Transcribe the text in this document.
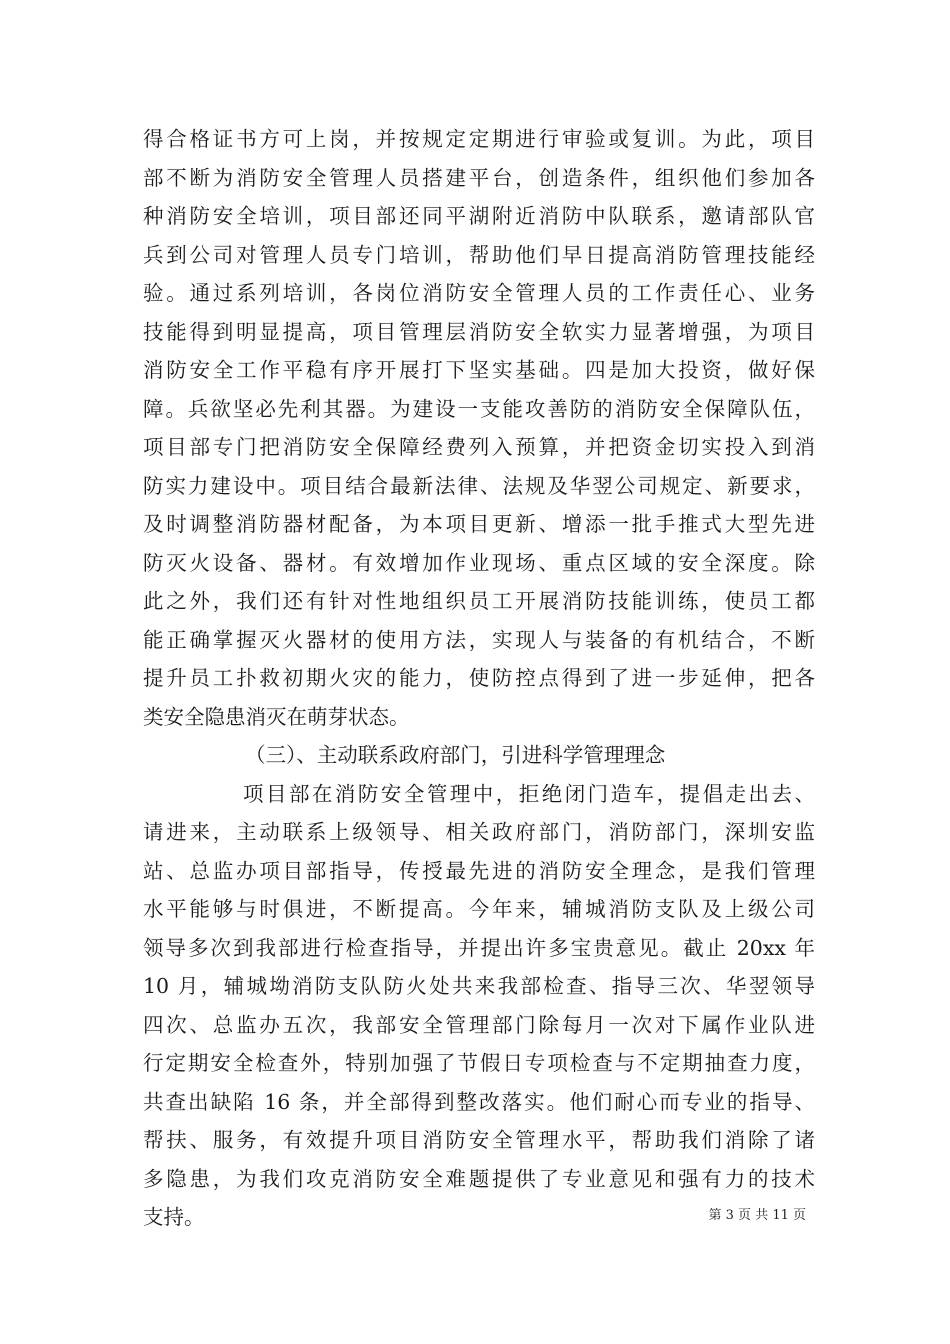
得合格证书方可上岗，并按规定定期进行审验或复训。为此，项目
部不断为消防安全管理人员搭建平台，创造条件，组织他们参加各
种消防安全培训，项目部还同平湖附近消防中队联系，邀请部队官
兵到公司对管理人员专门培训，帮助他们早日提高消防管理技能经
验。通过系列培训，各岗位消防安全管理人员的工作责任心、业务
技能得到明显提高，项目管理层消防安全软实力显著增强，为项目
消防安全工作平稳有序开展打下坚实基础。四是加大投资，做好保
障。兵欲坚必先利其器。为建设一支能攻善防的消防安全保障队伍，
项目部专门把消防安全保障经费列入预算，并把资金切实投入到消
防实力建设中。项目结合最新法律、法规及华翌公司规定、新要求，
及时调整消防器材配备，为本项目更新、增添一批手推式大型先进
防灭火设备、器材。有效增加作业现场、重点区域的安全深度。除
此之外，我们还有针对性地组织员工开展消防技能训练，使员工都
能正确掌握灭火器材的使用方法，实现人与装备的有机结合，不断
提升员工扑救初期火灾的能力，使防控点得到了进一步延伸，把各
类安全隐患消灭在萌芽状态。
（三）、主动联系政府部门，引进科学管理理念
项目部在消防安全管理中，拒绝闭门造车，提倡走出去、
请进来，主动联系上级领导、相关政府部门，消防部门，深圳安监
站、总监办项目部指导，传授最先进的消防安全理念，是我们管理
水平能够与时俱进，不断提高。今年来，辅城消防支队及上级公司
领导多次到我部进行检查指导，并提出许多宝贵意见。截止 20xx 年
10 月，辅城坳消防支队防火处共来我部检查、指导三次、华翌领导
四次、总监办五次，我部安全管理部门除每月一次对下属作业队进
行定期安全检查外，特别加强了节假日专项检查与不定期抽查力度，
共查出缺陷 16 条，并全部得到整改落实。他们耐心而专业的指导、
帮扶、服务，有效提升项目消防安全管理水平，帮助我们消除了诸
多隐患，为我们攻克消防安全难题提供了专业意见和强有力的技术
支持。	第 3 页 共 11 页
